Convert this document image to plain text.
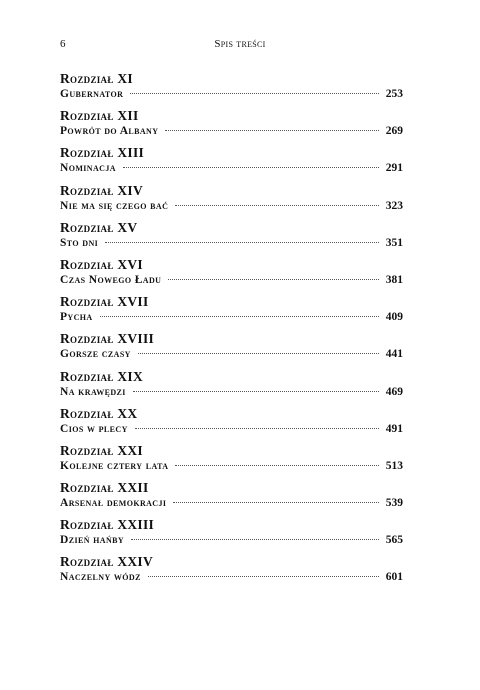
6	Spis treści
Rozdział XI
Gubernator	253
Rozdział XII
Powrót do Albany	269
Rozdział XIII
Nominacja	291
Rozdział XIV
Nie ma się czego bać	323
Rozdział XV
Sto dni	351
Rozdział XVI
Czas Nowego Ładu	381
Rozdział XVII
Pycha	409
Rozdział XVIII
Gorsze czasy	441
Rozdział XIX
Na krawędzi	469
Rozdział XX
Cios w plecy	491
Rozdział XXI
Kolejne cztery lata	513
Rozdział XXII
Arsenał demokracji	539
Rozdział XXIII
Dzień hańby	565
Rozdział XXIV
Naczelny wódz	601
